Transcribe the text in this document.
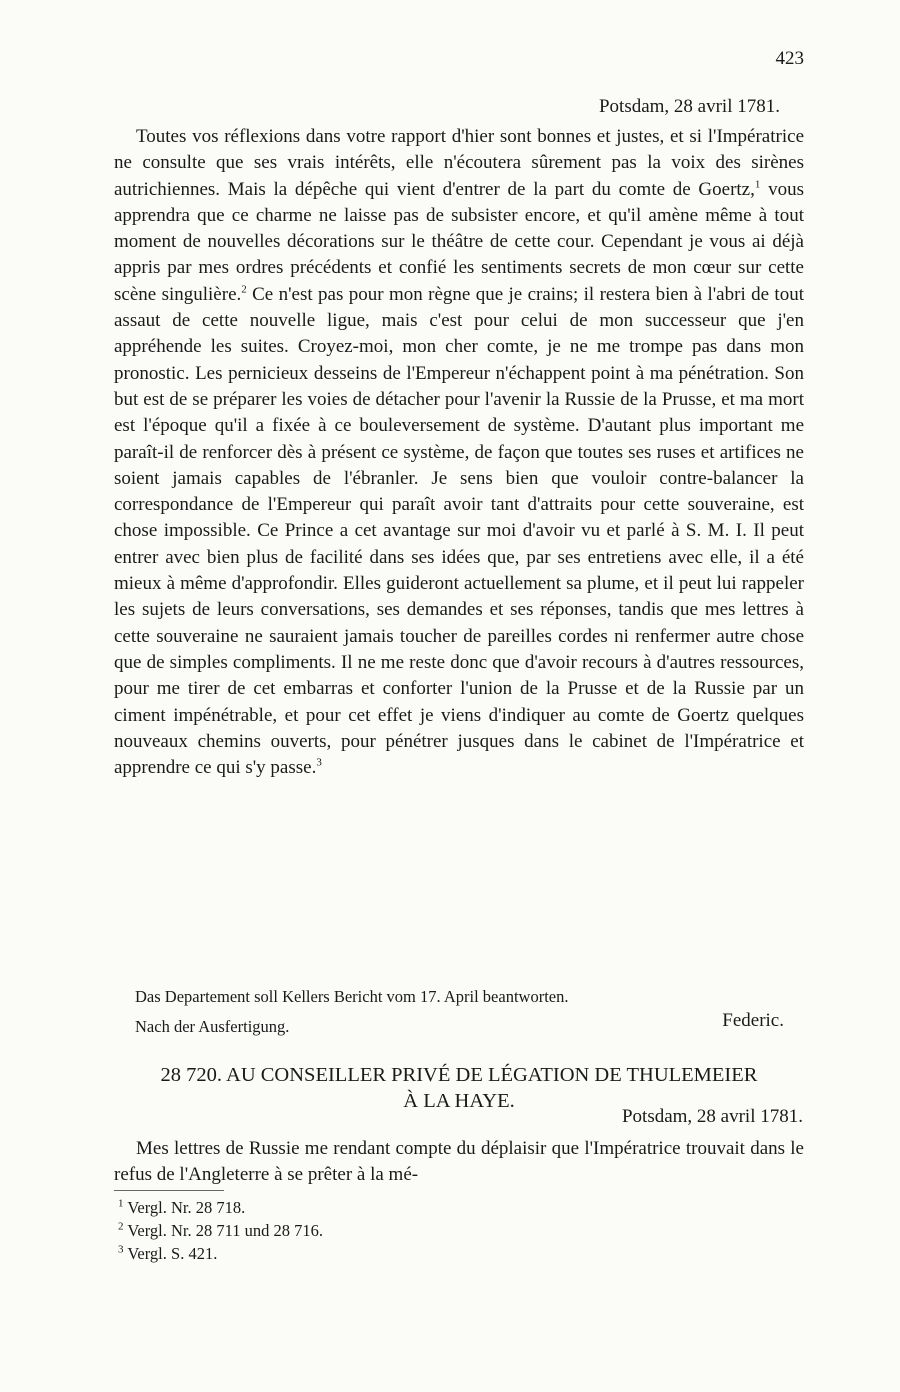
423
Potsdam, 28 avril 1781.

Toutes vos réflexions dans votre rapport d'hier sont bonnes et justes, et si l'Impératrice ne consulte que ses vrais intérêts, elle n'écoutera sûrement pas la voix des sirènes autrichiennes. Mais la dépêche qui vient d'entrer de la part du comte de Goertz,$^1$ vous apprendra que ce charme ne laisse pas de subsister encore, et qu'il amène même à tout moment de nouvelles décorations sur le théâtre de cette cour. Cependant je vous ai déjà appris par mes ordres précédents et confié les sentiments secrets de mon cœur sur cette scène singulière.$^2$ Ce n'est pas pour mon règne que je crains; il restera bien à l'abri de tout assaut de cette nouvelle ligue, mais c'est pour celui de mon successeur que j'en appréhende les suites. Croyez-moi, mon cher comte, je ne me trompe pas dans mon pronostic. Les pernicieux desseins de l'Empereur n'échappent point à ma pénétration. Son but est de se préparer les voies de détacher pour l'avenir la Russie de la Prusse, et ma mort est l'époque qu'il a fixée à ce bouleversement de système. D'autant plus important me paraît-il de renforcer dès à présent ce système, de façon que toutes ses ruses et artifices ne soient jamais capables de l'ébranler. Je sens bien que vouloir contre-balancer la correspondance de l'Empereur qui paraît avoir tant d'attraits pour cette souveraine, est chose impossible. Ce Prince a cet avantage sur moi d'avoir vu et parlé à S. M. I. Il peut entrer avec bien plus de facilité dans ses idées que, par ses entretiens avec elle, il a été mieux à même d'approfondir. Elles guideront actuellement sa plume, et il peut lui rappeler les sujets de leurs conversations, ses demandes et ses réponses, tandis que mes lettres à cette souveraine ne sauraient jamais toucher de pareilles cordes ni renfermer autre chose que de simples compliments. Il ne me reste donc que d'avoir recours à d'autres ressources, pour me tirer de cet embarras et conforter l'union de la Prusse et de la Russie par un ciment impénétrable, et pour cet effet je viens d'indiquer au comte de Goertz quelques nouveaux chemins ouverts, pour pénétrer jusques dans le cabinet de l'Impératrice et apprendre ce qui s'y passe.$^3$

Das Departement soll Kellers Bericht vom 17. April beantworten.
Nach der Ausfertigung.	Federic.
28 720. AU CONSEILLER PRIVÉ DE LÉGATION DE THULEMEIER
À LA HAYE.
Potsdam, 28 avril 1781.

Mes lettres de Russie me rendant compte du déplaisir que l'Impératrice trouvait dans le refus de l'Angleterre à se prêter à la mé-

$^1$ Vergl. Nr. 28 718.
$^2$ Vergl. Nr. 28 711 und 28 716.
$^3$ Vergl. S. 421.
